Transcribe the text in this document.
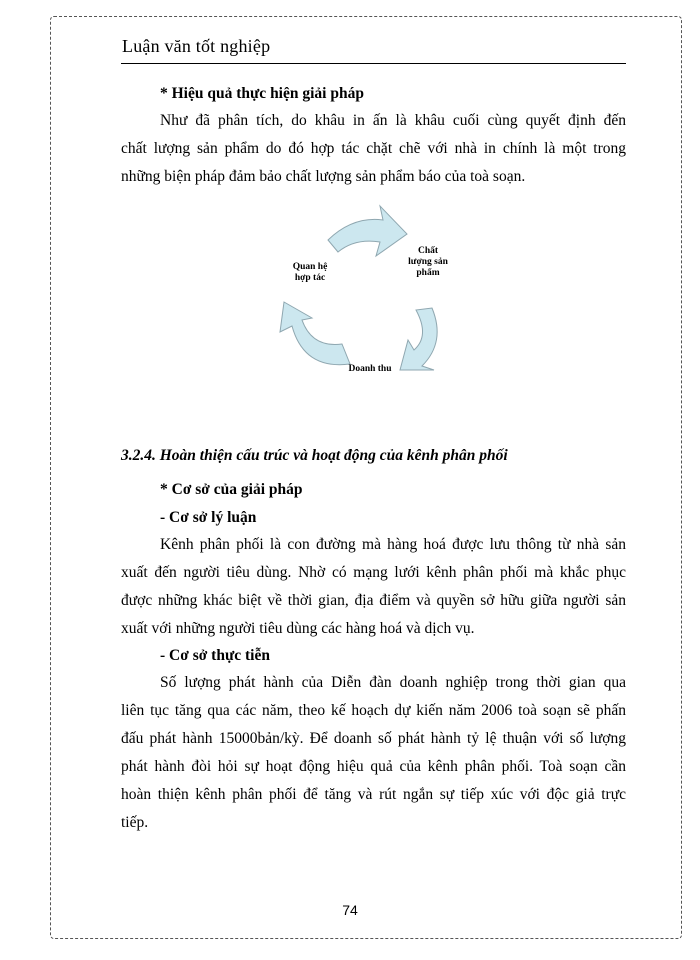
Luận văn tốt nghiệp
* Hiệu quả thực hiện giải pháp
Như đã phân tích, do khâu in ấn là khâu cuối cùng quyết định đến
chất lượng sản phẩm do đó hợp tác chặt chẽ với nhà in chính là một trong
những biện pháp đảm bảo chất lượng sản phẩm báo của toà soạn.
Chất
lượng sản
phẩm
Quan hệ
hợp tác
Doanh thu
3.2.4. Hoàn thiện cấu trúc và hoạt động của kênh phân phối
* Cơ sở của giải pháp
- Cơ sở lý luận
Kênh phân phối là con đường mà hàng hoá được lưu thông từ nhà sản
xuất đến người tiêu dùng. Nhờ có mạng lưới kênh phân phối mà khắc phục
được những khác biệt về thời gian, địa điểm và quyền sở hữu giữa người sản
xuất với những người tiêu dùng các hàng hoá và dịch vụ.
- Cơ sở thực tiễn
Số lượng phát hành của Diễn đàn doanh nghiệp trong thời gian qua
liên tục tăng qua các năm, theo kế hoạch dự kiến năm 2006 toà soạn sẽ phấn
đấu phát hành 15000bản/kỳ. Để doanh số phát hành tỷ lệ thuận với số lượng
phát hành đòi hỏi sự hoạt động hiệu quả của kênh phân phối. Toà soạn cần
hoàn thiện kênh phân phối để tăng và rút ngắn sự tiếp xúc với độc giả trực
tiếp.
74
